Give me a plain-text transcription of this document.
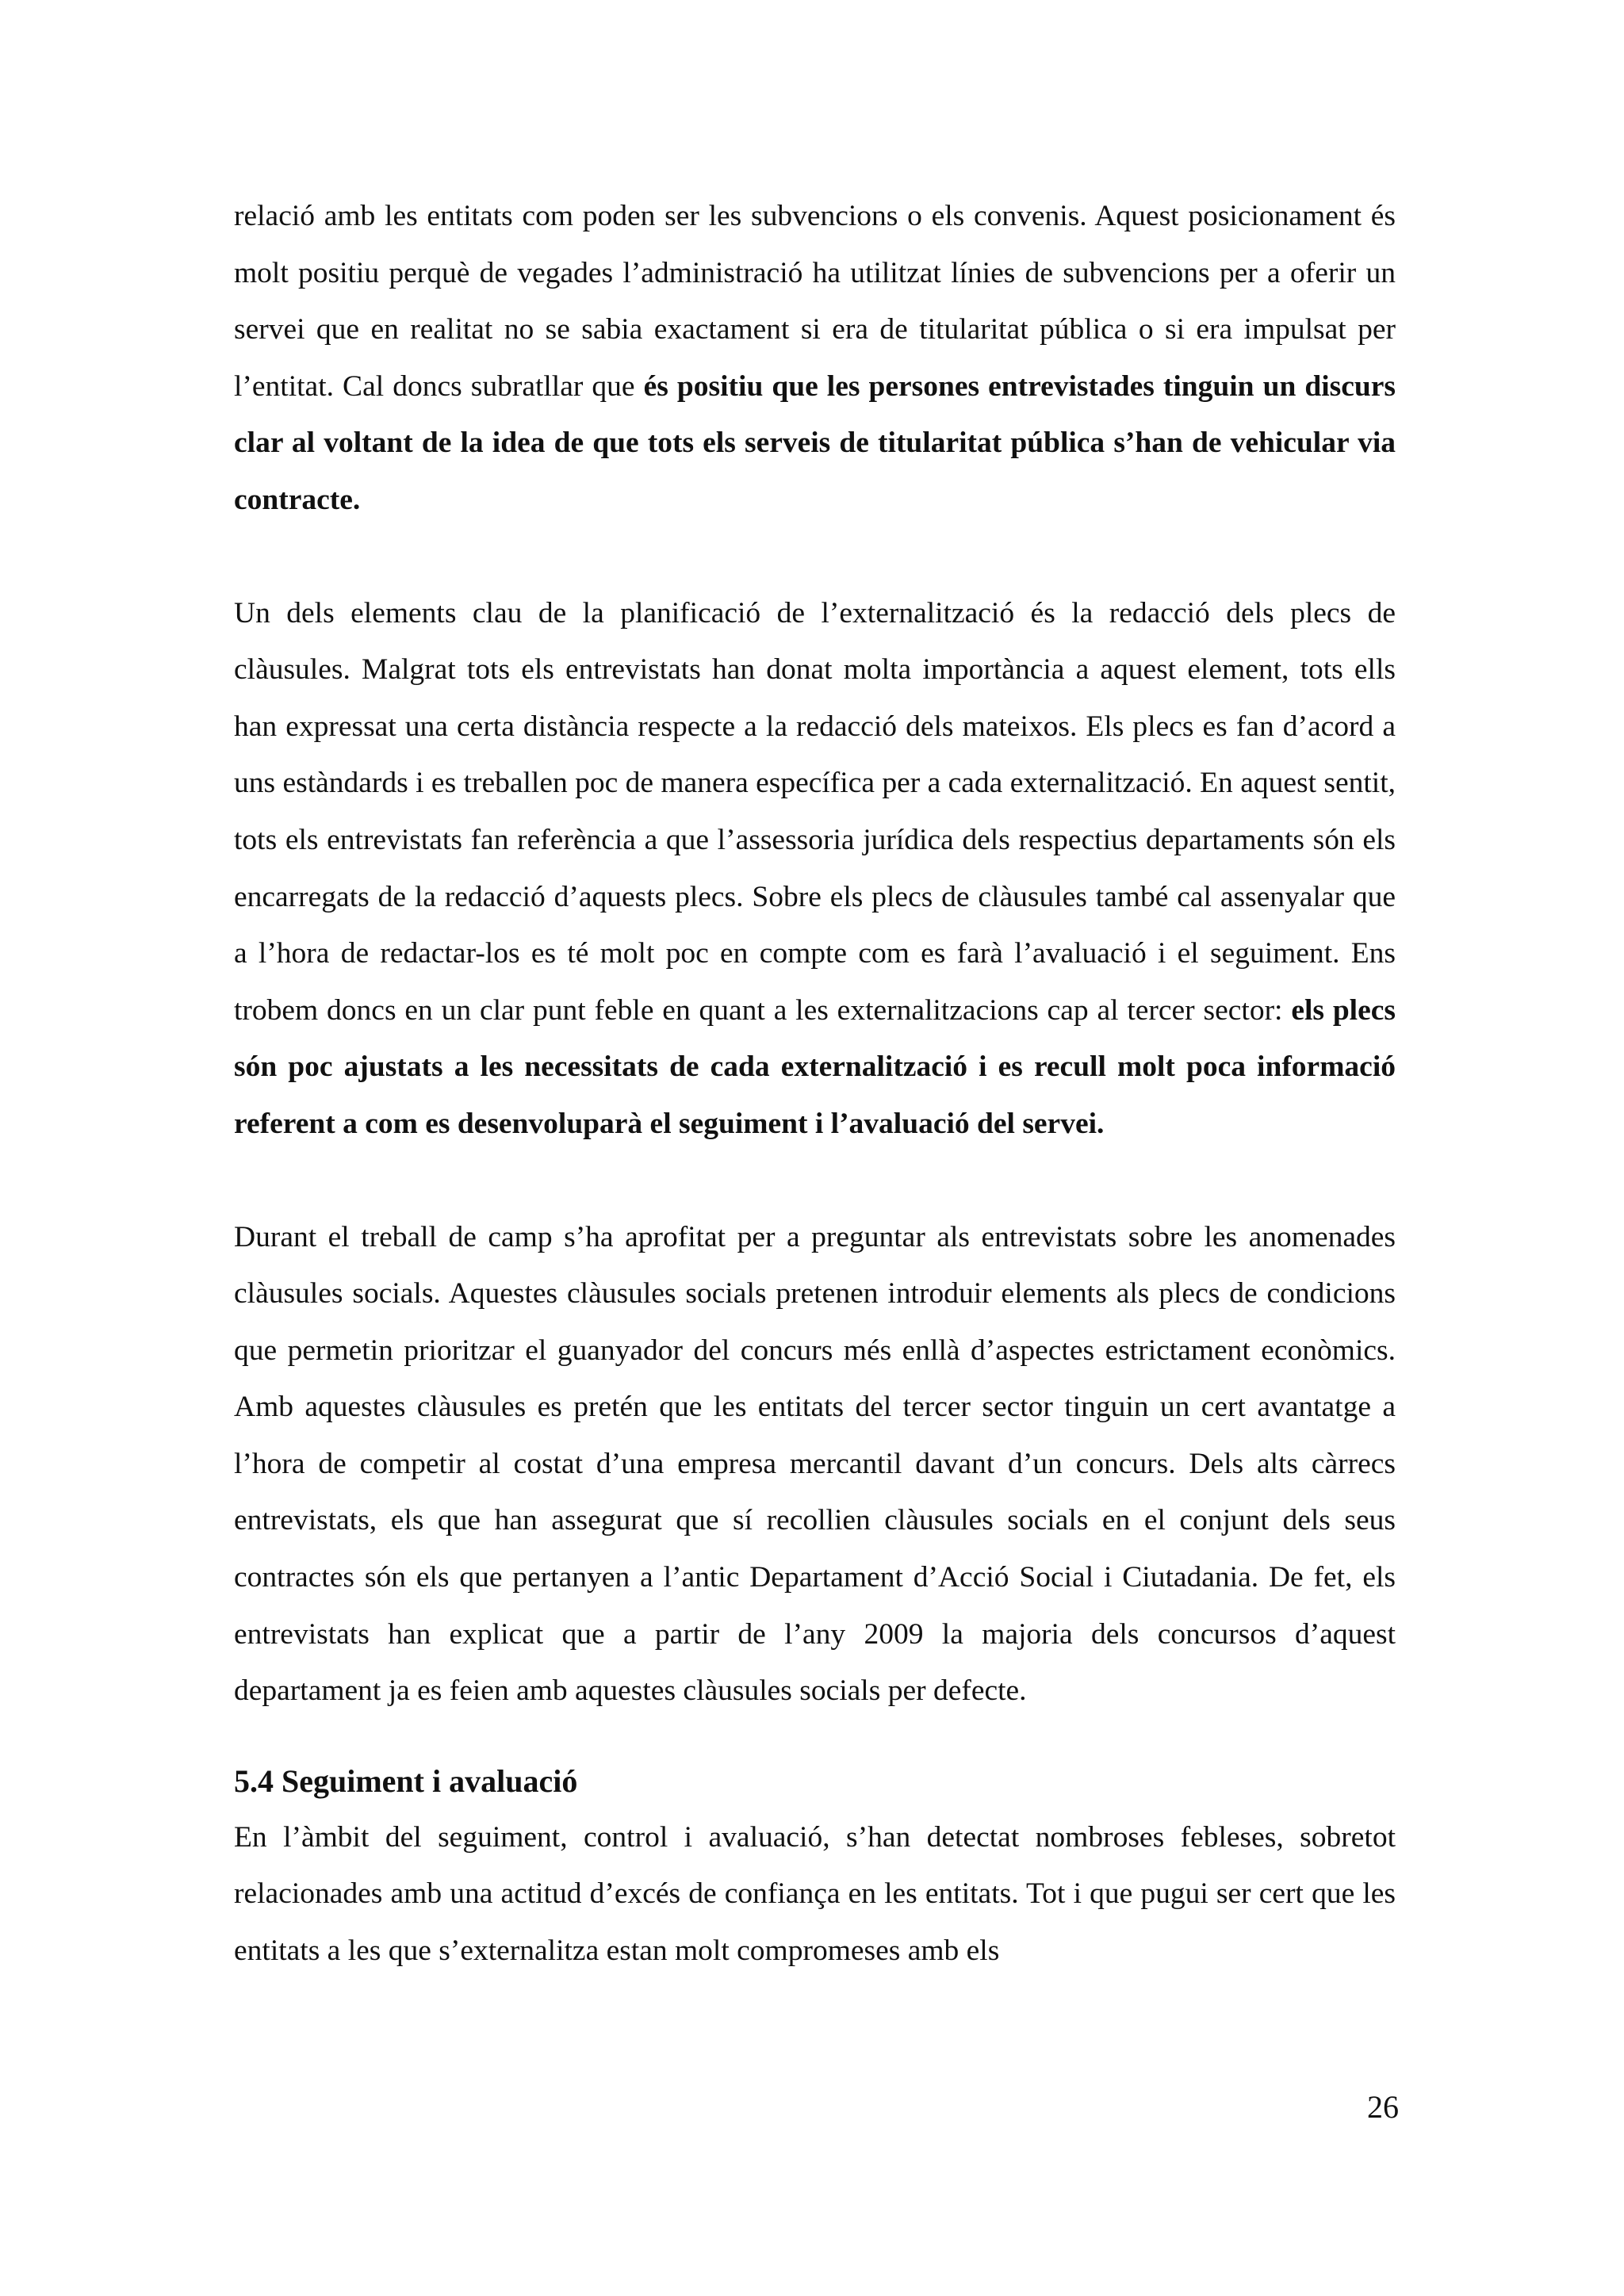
relació amb les entitats com poden ser les subvencions o els convenis. Aquest posicionament és molt positiu perquè de vegades l’administració ha utilitzat línies de subvencions per a oferir un servei que en realitat no se sabia exactament si era de titularitat pública o si era impulsat per l’entitat. Cal doncs subratllar que és positiu que les persones entrevistades tinguin un discurs clar al voltant de la idea de que tots els serveis de titularitat pública s’han de vehicular via contracte.

Un dels elements clau de la planificació de l’externalització és la redacció dels plecs de clàusules. Malgrat tots els entrevistats han donat molta importància a aquest element, tots ells han expressat una certa distància respecte a la redacció dels mateixos. Els plecs es fan d’acord a uns estàndards i es treballen poc de manera específica per a cada externalització. En aquest sentit, tots els entrevistats fan referència a que l’assessoria jurídica dels respectius departaments són els encarregats de la redacció d’aquests plecs. Sobre els plecs de clàusules també cal assenyalar que a l’hora de redactar-los es té molt poc en compte com es farà l’avaluació i el seguiment. Ens trobem doncs en un clar punt feble en quant a les externalitzacions cap al tercer sector: els plecs són poc ajustats a les necessitats de cada externalització i es recull molt poca informació referent a com es desenvoluparà el seguiment i l’avaluació del servei.

Durant el treball de camp s’ha aprofitat per a preguntar als entrevistats sobre les anomenades clàusules socials. Aquestes clàusules socials pretenen introduir elements als plecs de condicions que permetin prioritzar el guanyador del concurs més enllà d’aspectes estrictament econòmics. Amb aquestes clàusules es pretén que les entitats del tercer sector tinguin un cert avantatge a l’hora de competir al costat d’una empresa mercantil davant d’un concurs. Dels alts càrrecs entrevistats, els que han assegurat que sí recollien clàusules socials en el conjunt dels seus contractes són els que pertanyen a l’antic Departament d’Acció Social i Ciutadania. De fet, els entrevistats han explicat que a partir de l’any 2009 la majoria dels concursos d’aquest departament ja es feien amb aquestes clàusules socials per defecte.

5.4 Seguiment i avaluació

En l’àmbit del seguiment, control i avaluació, s’han detectat nombroses febleses, sobretot relacionades amb una actitud d’excés de confiança en les entitats. Tot i que pugui ser cert que les entitats a les que s’externalitza estan molt compromeses amb els

26
